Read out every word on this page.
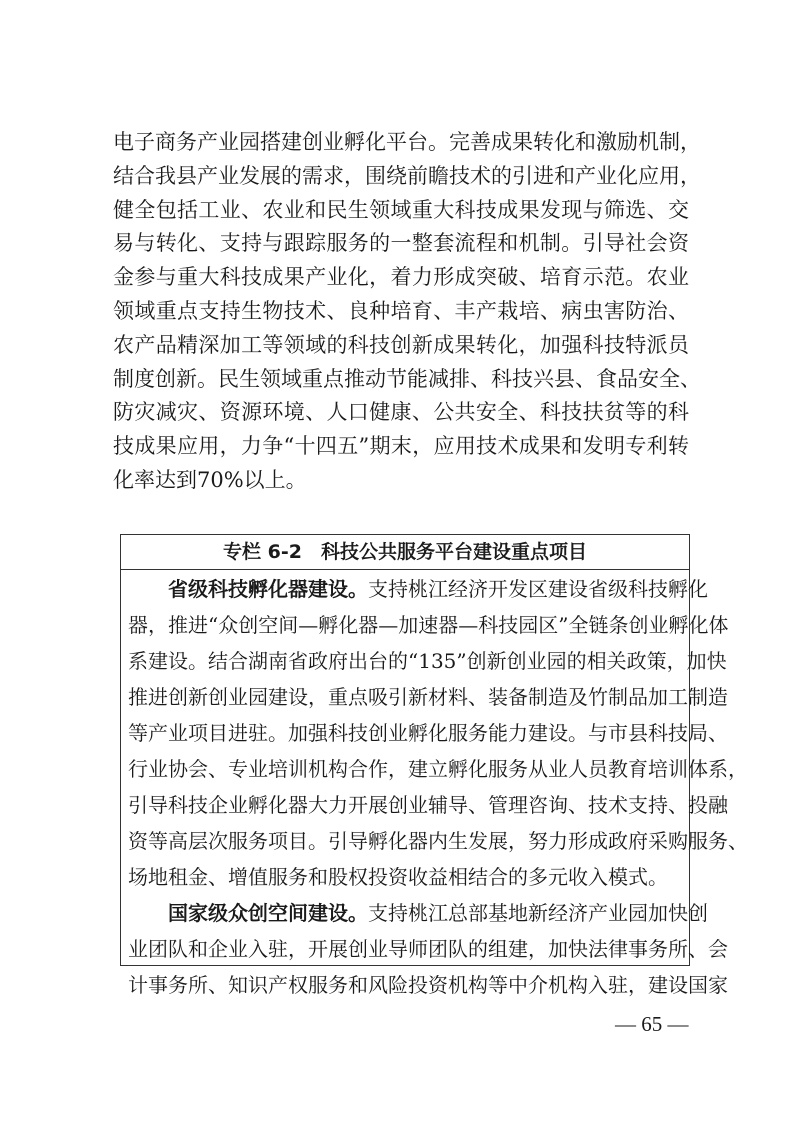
电子商务产业园搭建创业孵化平台。完善成果转化和激励机制，
结合我县产业发展的需求，围绕前瞻技术的引进和产业化应用，
健全包括工业、农业和民生领域重大科技成果发现与筛选、交
易与转化、支持与跟踪服务的一整套流程和机制。引导社会资
金参与重大科技成果产业化，着力形成突破、培育示范。农业
领域重点支持生物技术、良种培育、丰产栽培、病虫害防治、
农产品精深加工等领域的科技创新成果转化，加强科技特派员
制度创新。民生领域重点推动节能减排、科技兴县、食品安全、
防灾减灾、资源环境、人口健康、公共安全、科技扶贫等的科
技成果应用，力争“十四五”期末，应用技术成果和发明专利转
化率达到70%以上。
专栏 6-2　科技公共服务平台建设重点项目
省级科技孵化器建设。支持桃江经济开发区建设省级科技孵化
器，推进“众创空间—孵化器—加速器—科技园区”全链条创业孵化体
系建设。结合湖南省政府出台的“135”创新创业园的相关政策，加快
推进创新创业园建设，重点吸引新材料、装备制造及竹制品加工制造
等产业项目进驻。加强科技创业孵化服务能力建设。与市县科技局、
行业协会、专业培训机构合作，建立孵化服务从业人员教育培训体系，
引导科技企业孵化器大力开展创业辅导、管理咨询、技术支持、投融
资等高层次服务项目。引导孵化器内生发展，努力形成政府采购服务、
场地租金、增值服务和股权投资收益相结合的多元收入模式。
国家级众创空间建设。支持桃江总部基地新经济产业园加快创
业团队和企业入驻，开展创业导师团队的组建，加快法律事务所、会
计事务所、知识产权服务和风险投资机构等中介机构入驻，建设国家
— 65 —
